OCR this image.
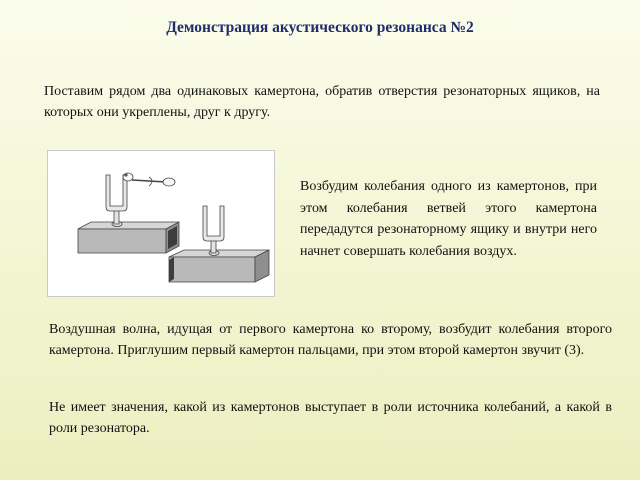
Демонстрация акустического резонанса №2
Поставим рядом два одинаковых камертона, обратив отверстия резонаторных ящиков, на которых они укреплены, друг к другу.
Возбудим колебания одного из камертонов, при этом колебания ветвей этого камертона передадутся резонаторному ящику и внутри него начнет совершать колебания воздух.
Воздушная волна, идущая от первого камертона ко второму, возбудит колебания второго камертона. Приглушим первый камертон пальцами, при этом второй камертон звучит (3).
Не имеет значения, какой из камертонов выступает в роли источника колебаний, а какой в роли резонатора.
